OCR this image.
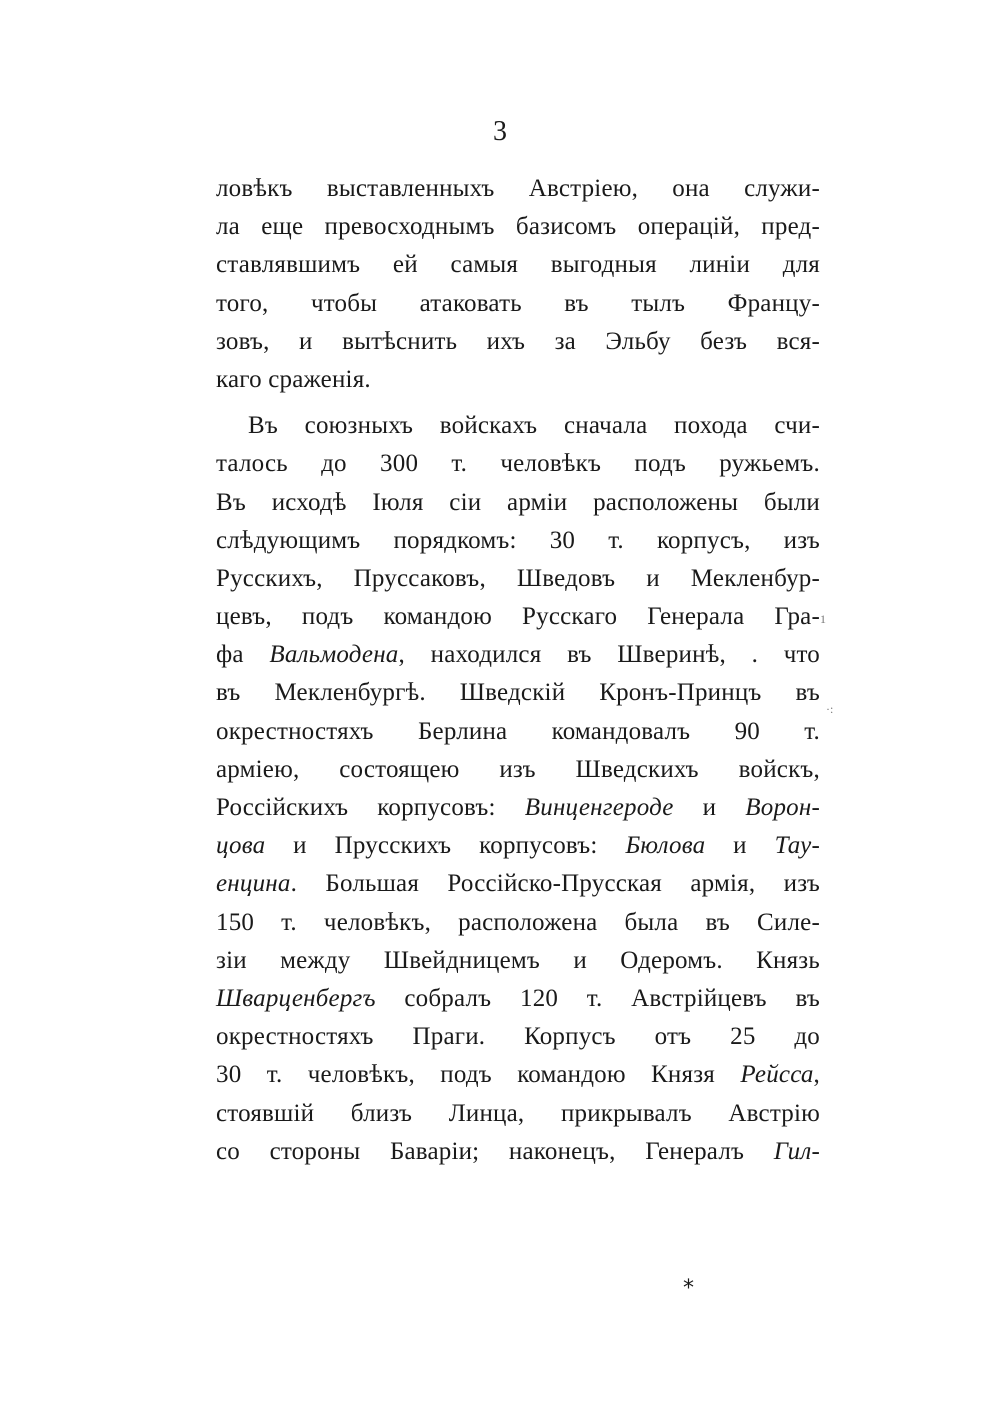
3
ловѣкъ выставленныхъ Австріею, она служи-
ла еще превосходнымъ базисомъ операцій, пред-
ставлявшимъ ей самыя выгодныя линіи для
того, чтобы атаковать въ тылъ Францу-
зовъ, и вытѣснить ихъ за Эльбу безъ вся-
каго сраженія.
Въ союзныхъ войскахъ сначала похода счи-
талось до 300 т. человѣкъ подъ ружьемъ.
Въ исходѣ Іюля сіи арміи расположены были
слѣдующимъ порядкомъ: 30 т. корпусъ, изъ
Русскихъ, Пруссаковъ, Шведовъ и Мекленбур-
цевъ, подъ командою Русскаго Генерала Гра-
фа Вальмодена, находился въ Шверинѣ, . что
въ Мекленбургѣ. Шведскій Кронъ-Принцъ въ
окрестностяхъ Берлина командовалъ 90 т.
арміею, состоящею изъ Шведскихъ войскъ,
Россійскихъ корпусовъ: Винценгероде и Ворон-
цова и Прусскихъ корпусовъ: Бюлова и Тау-
енцина. Большая Россійско-Прусская армія, изъ
150 т. человѣкъ, расположена была въ Силе-
зіи между Швейдницемъ и Одеромъ. Князь
Шварценбергъ собралъ 120 т. Австрійцевъ въ
окрестностяхъ Праги. Корпусъ отъ 25 до
30 т. человѣкъ, подъ командою Князя Рейсса,
стоявшій близъ Линца, прикрывалъ Австрію
со стороны Баваріи; наконецъ, Генералъ Гил-
1
·:
*
